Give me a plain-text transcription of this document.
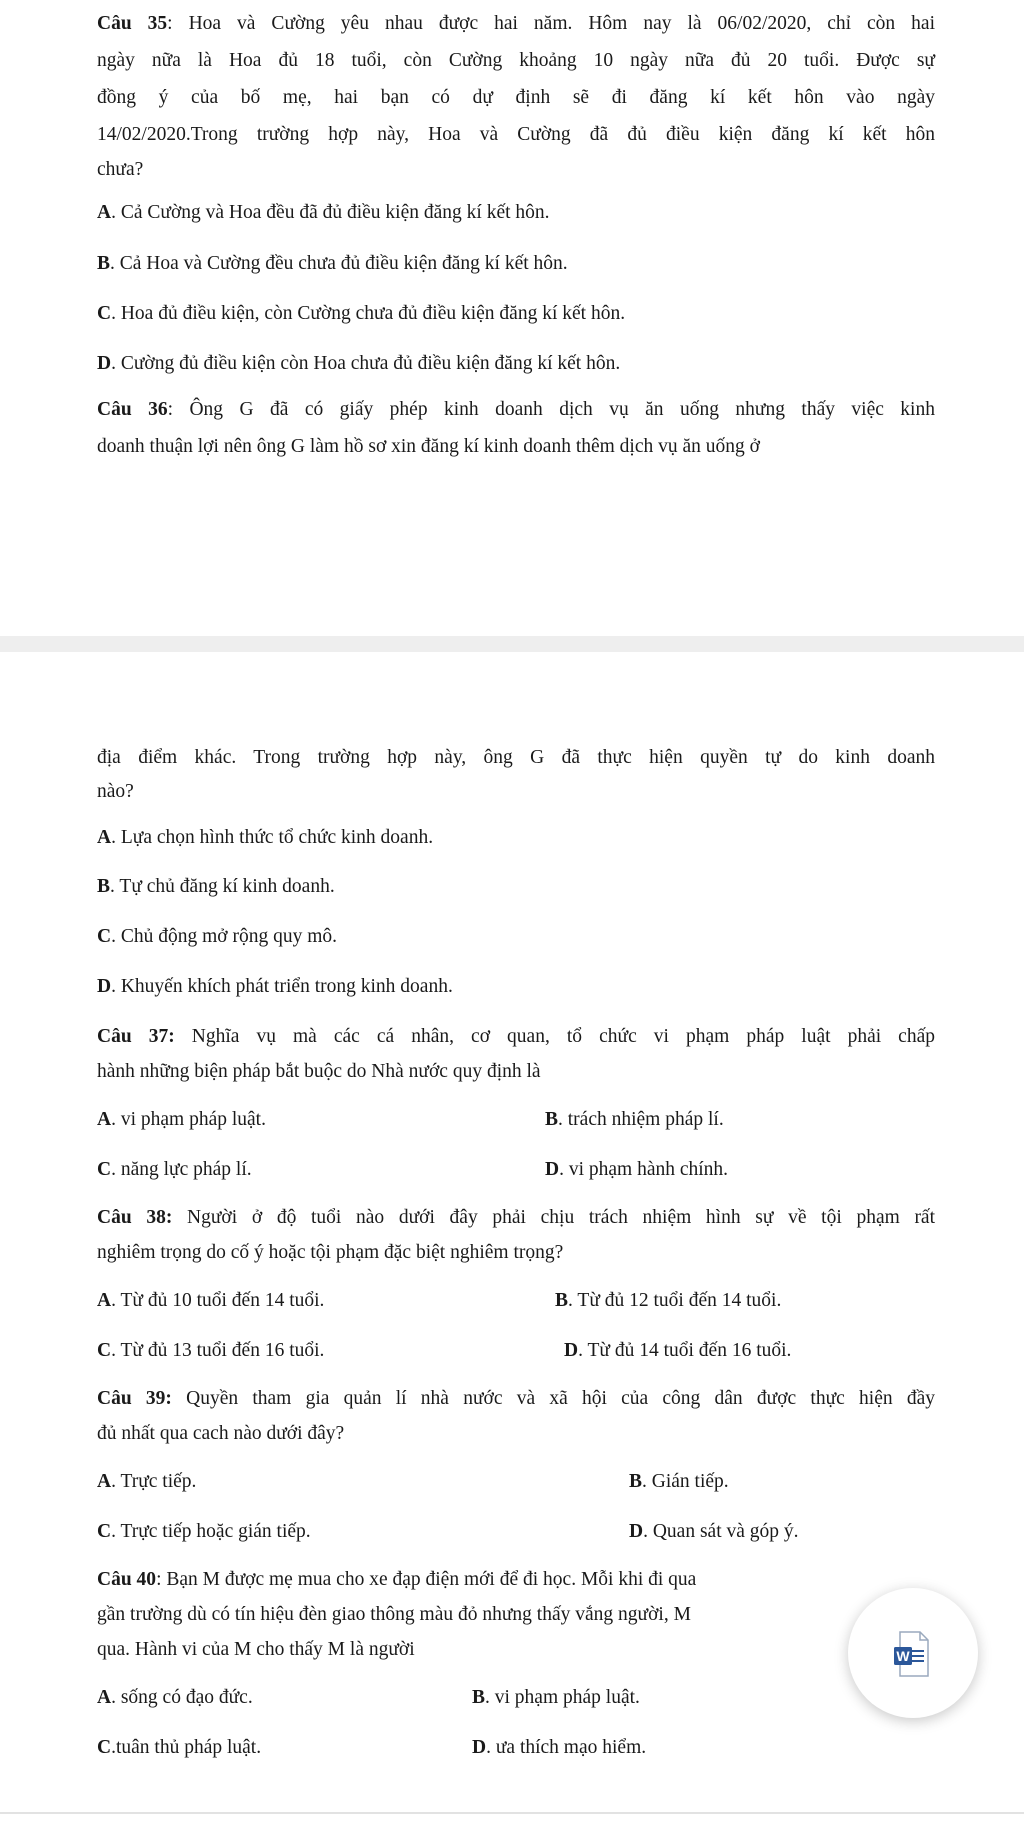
Câu 35: Hoa và Cường yêu nhau được hai năm. Hôm nay là 06/02/2020, chỉ còn hai
ngày nữa là Hoa đủ 18 tuổi, còn Cường khoảng 10 ngày nữa đủ 20 tuổi. Được sự
đồng ý của bố mẹ, hai bạn có dự định sẽ đi đăng kí kết hôn vào ngày
14/02/2020.Trong trường hợp này, Hoa và Cường đã đủ điều kiện đăng kí kết hôn
chưa?
A. Cả Cường và Hoa đều đã đủ điều kiện đăng kí kết hôn.
B. Cả Hoa và Cường đều chưa đủ điều kiện đăng kí kết hôn.
C. Hoa đủ điều kiện, còn Cường chưa đủ điều kiện đăng kí kết hôn.
D. Cường đủ điều kiện còn Hoa chưa đủ điều kiện đăng kí kết hôn.
Câu 36: Ông G đã có giấy phép kinh doanh dịch vụ ăn uống nhưng thấy việc kinh
doanh thuận lợi nên ông G làm hồ sơ xin đăng kí kinh doanh thêm dịch vụ ăn uống ở
địa điểm khác. Trong trường hợp này, ông G đã thực hiện quyền tự do kinh doanh
nào?
A. Lựa chọn hình thức tổ chức kinh doanh.
B. Tự chủ đăng kí kinh doanh.
C. Chủ động mở rộng quy mô.
D. Khuyến khích phát triển trong kinh doanh.
Câu 37: Nghĩa vụ mà các cá nhân, cơ quan, tổ chức vi phạm pháp luật phải chấp
hành những biện pháp bắt buộc do Nhà nước quy định là
A. vi phạm pháp luật.	B. trách nhiệm pháp lí.
C. năng lực pháp lí.	D. vi phạm hành chính.
Câu 38: Người ở độ tuổi nào dưới đây phải chịu trách nhiệm hình sự về tội phạm rất
nghiêm trọng do cố ý hoặc tội phạm đặc biệt nghiêm trọng?
A. Từ đủ 10 tuổi đến 14 tuổi.	B. Từ đủ 12 tuổi đến 14 tuổi.
C. Từ đủ 13 tuổi đến 16 tuổi.	D. Từ đủ 14 tuổi đến 16 tuổi.
Câu 39: Quyền tham gia quản lí nhà nước và xã hội của công dân được thực hiện đầy
đủ nhất qua cach nào dưới đây?
A. Trực tiếp.	B. Gián tiếp.
C. Trực tiếp hoặc gián tiếp.	D. Quan sát và góp ý.
Câu 40: Bạn M được mẹ mua cho xe đạp điện mới để đi học. Mỗi khi đi qua
gần trường dù có tín hiệu đèn giao thông màu đỏ nhưng thấy vắng người, M
qua. Hành vi của M cho thấy M là người
A. sống có đạo đức.	B. vi phạm pháp luật.
C.tuân thủ pháp luật.	D. ưa thích mạo hiểm.
W
